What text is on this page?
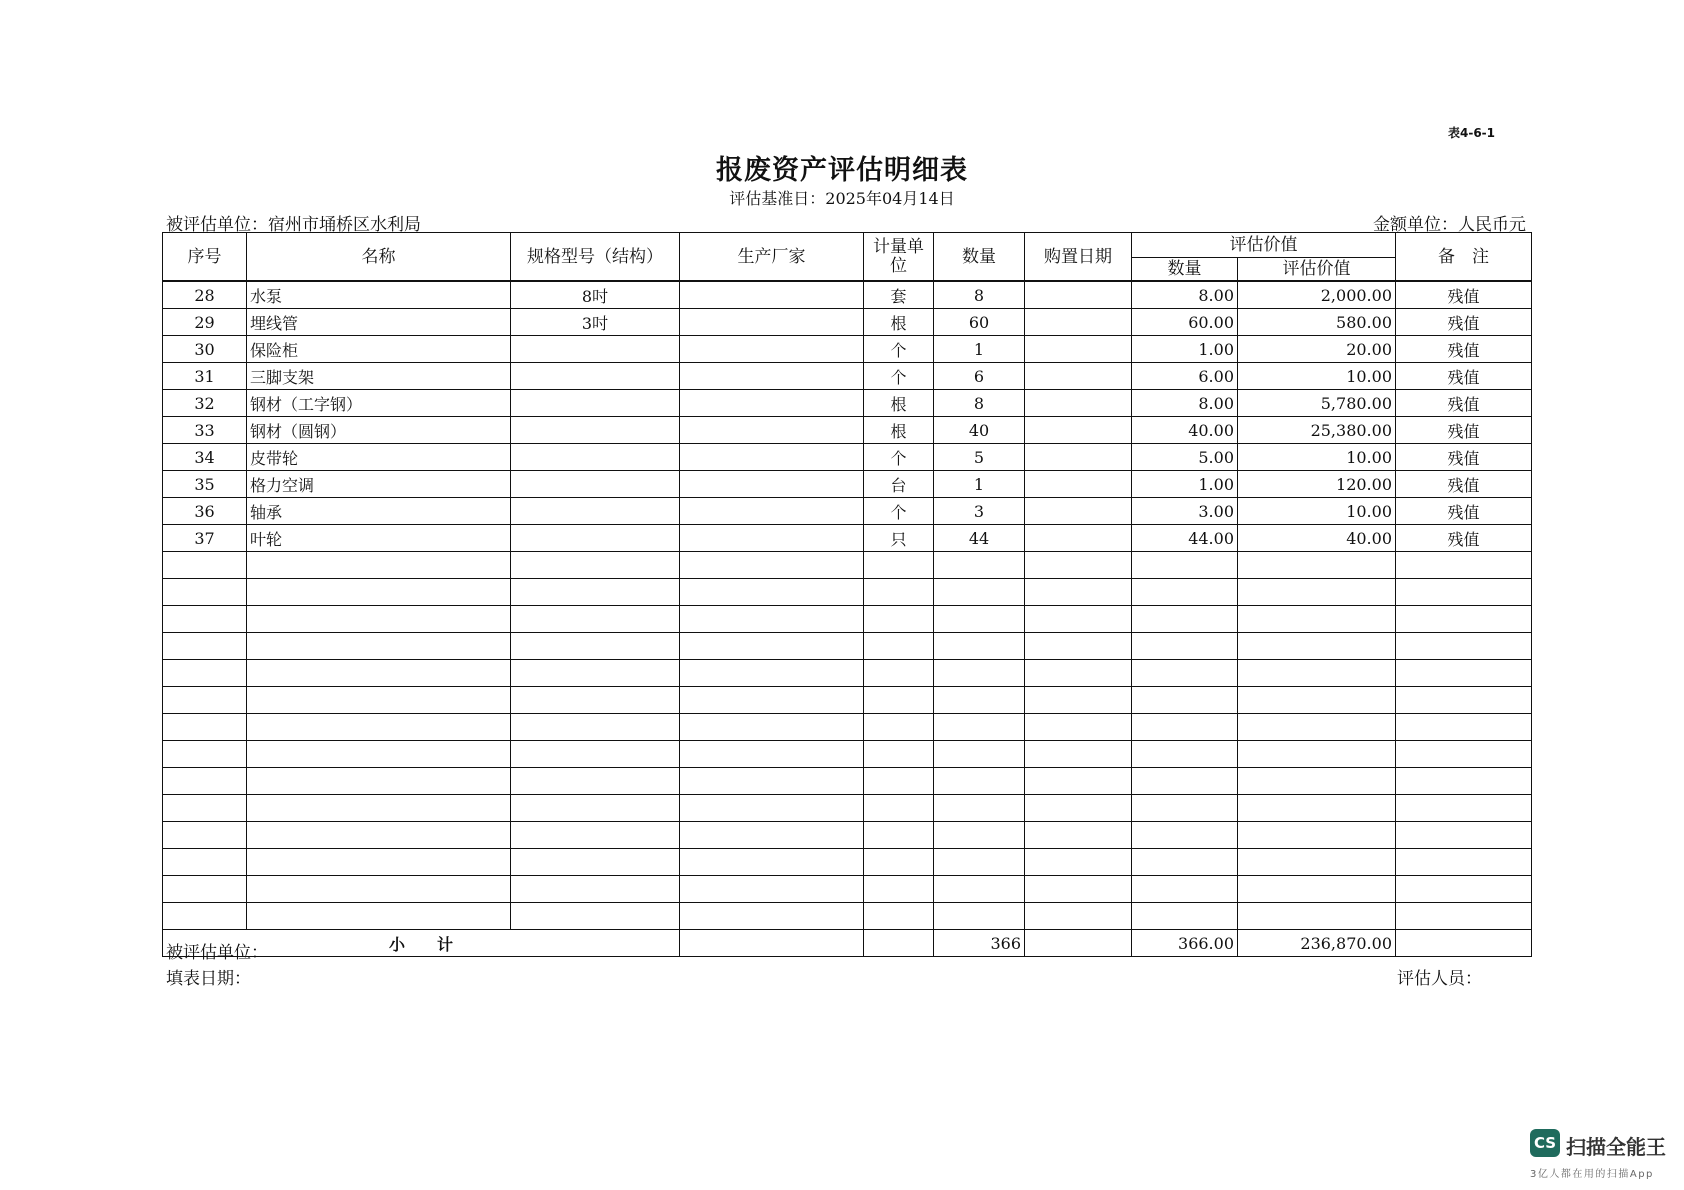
表4-6-1
报废资产评估明细表
评估基准日：2025年04月14日
被评估单位：宿州市埇桥区水利局	金额单位：人民币元
序号	名称	规格型号（结构）	生产厂家	计量单位	数量	购置日期	评估价值		备　注
							数量	评估价值	
28	水泵	8吋		套	8		8.00	2,000.00	残值
29	埋线管	3吋		根	60		60.00	580.00	残值
30	保险柜			个	1		1.00	20.00	残值
31	三脚支架			个	6		6.00	10.00	残值
32	钢材（工字钢）			根	8		8.00	5,780.00	残值
33	钢材（圆钢）			根	40		40.00	25,380.00	残值
34	皮带轮			个	5		5.00	10.00	残值
35	格力空调			台	1		1.00	120.00	残值
36	轴承			个	3		3.00	10.00	残值
37	叶轮			只	44		44.00	40.00	残值

小　　计					366		366.00	236,870.00	
被评估单位：
填表日期：	评估人员：
CS 扫描全能王
3亿人都在用的扫描App
